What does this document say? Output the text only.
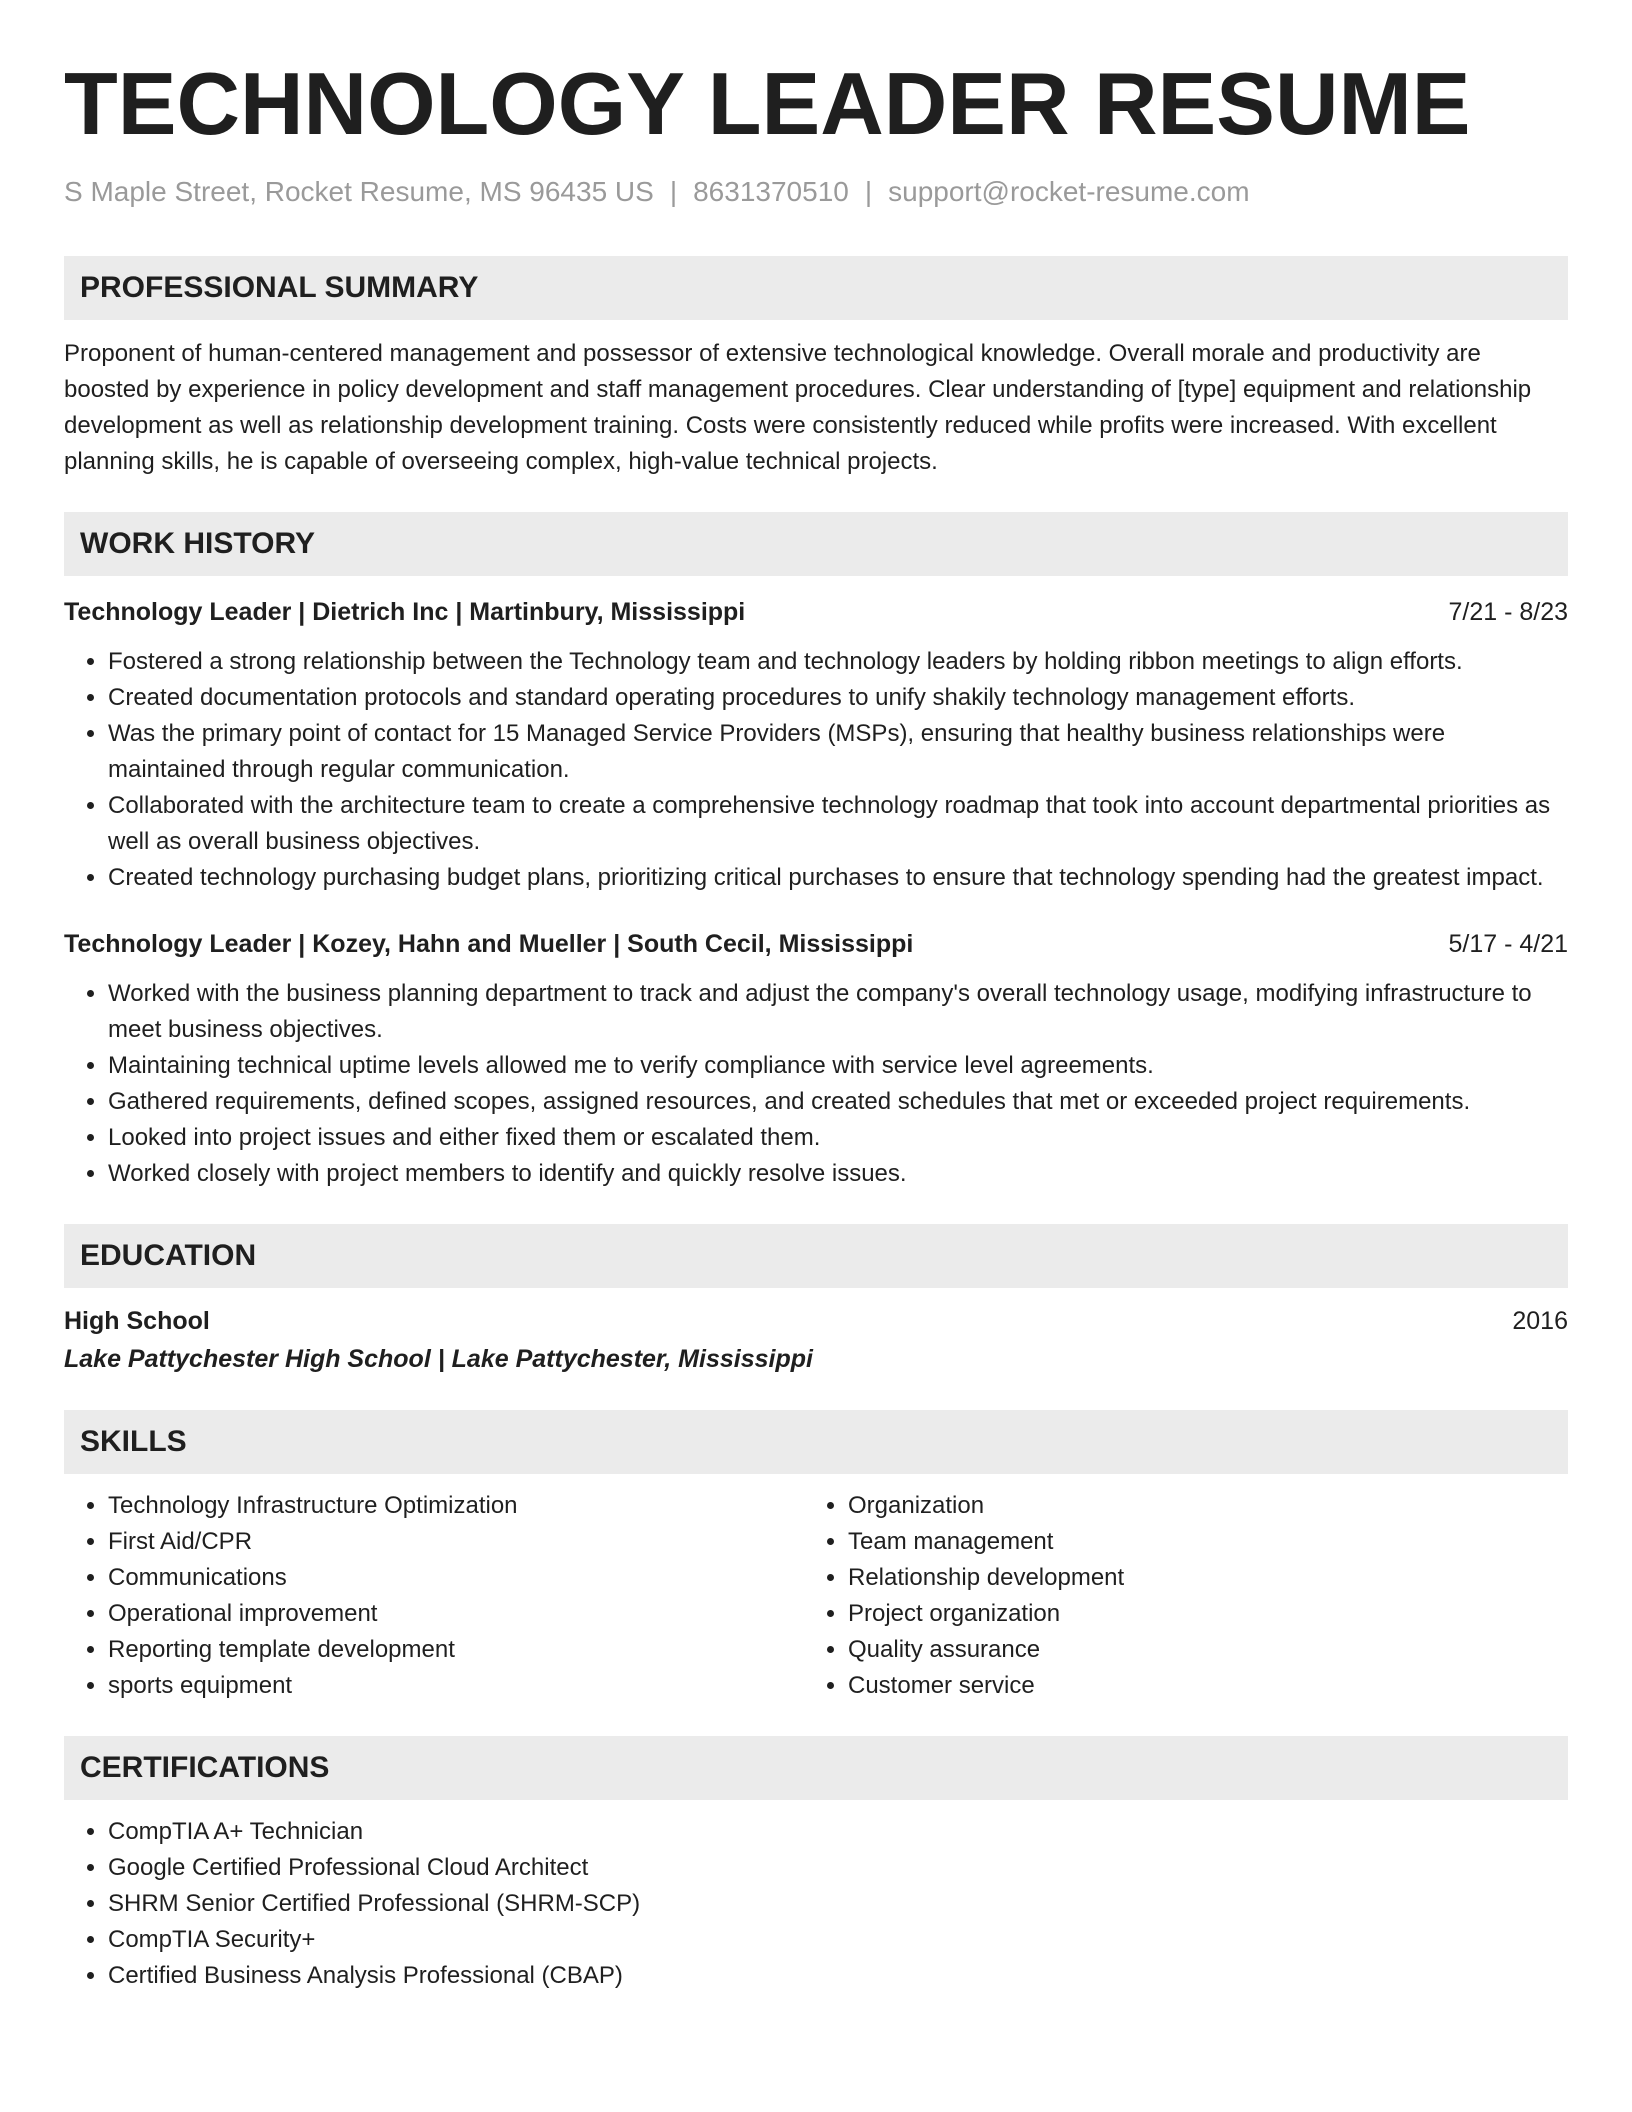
TECHNOLOGY LEADER RESUME
S Maple Street, Rocket Resume, MS 96435 US | 8631370510 | support@rocket-resume.com
PROFESSIONAL SUMMARY
Proponent of human-centered management and possessor of extensive technological knowledge. Overall morale and productivity are boosted by experience in policy development and staff management procedures. Clear understanding of [type] equipment and relationship development as well as relationship development training. Costs were consistently reduced while profits were increased. With excellent planning skills, he is capable of overseeing complex, high-value technical projects.
WORK HISTORY
Technology Leader | Dietrich Inc | Martinbury, Mississippi	7/21 - 8/23
• Fostered a strong relationship between the Technology team and technology leaders by holding ribbon meetings to align efforts.
• Created documentation protocols and standard operating procedures to unify shakily technology management efforts.
• Was the primary point of contact for 15 Managed Service Providers (MSPs), ensuring that healthy business relationships were maintained through regular communication.
• Collaborated with the architecture team to create a comprehensive technology roadmap that took into account departmental priorities as well as overall business objectives.
• Created technology purchasing budget plans, prioritizing critical purchases to ensure that technology spending had the greatest impact.
Technology Leader | Kozey, Hahn and Mueller | South Cecil, Mississippi	5/17 - 4/21
• Worked with the business planning department to track and adjust the company's overall technology usage, modifying infrastructure to meet business objectives.
• Maintaining technical uptime levels allowed me to verify compliance with service level agreements.
• Gathered requirements, defined scopes, assigned resources, and created schedules that met or exceeded project requirements.
• Looked into project issues and either fixed them or escalated them.
• Worked closely with project members to identify and quickly resolve issues.
EDUCATION
High School	2016
Lake Pattychester High School | Lake Pattychester, Mississippi
SKILLS
• Technology Infrastructure Optimization
• First Aid/CPR
• Communications
• Operational improvement
• Reporting template development
• sports equipment
• Organization
• Team management
• Relationship development
• Project organization
• Quality assurance
• Customer service
CERTIFICATIONS
• CompTIA A+ Technician
• Google Certified Professional Cloud Architect
• SHRM Senior Certified Professional (SHRM-SCP)
• CompTIA Security+
• Certified Business Analysis Professional (CBAP)
